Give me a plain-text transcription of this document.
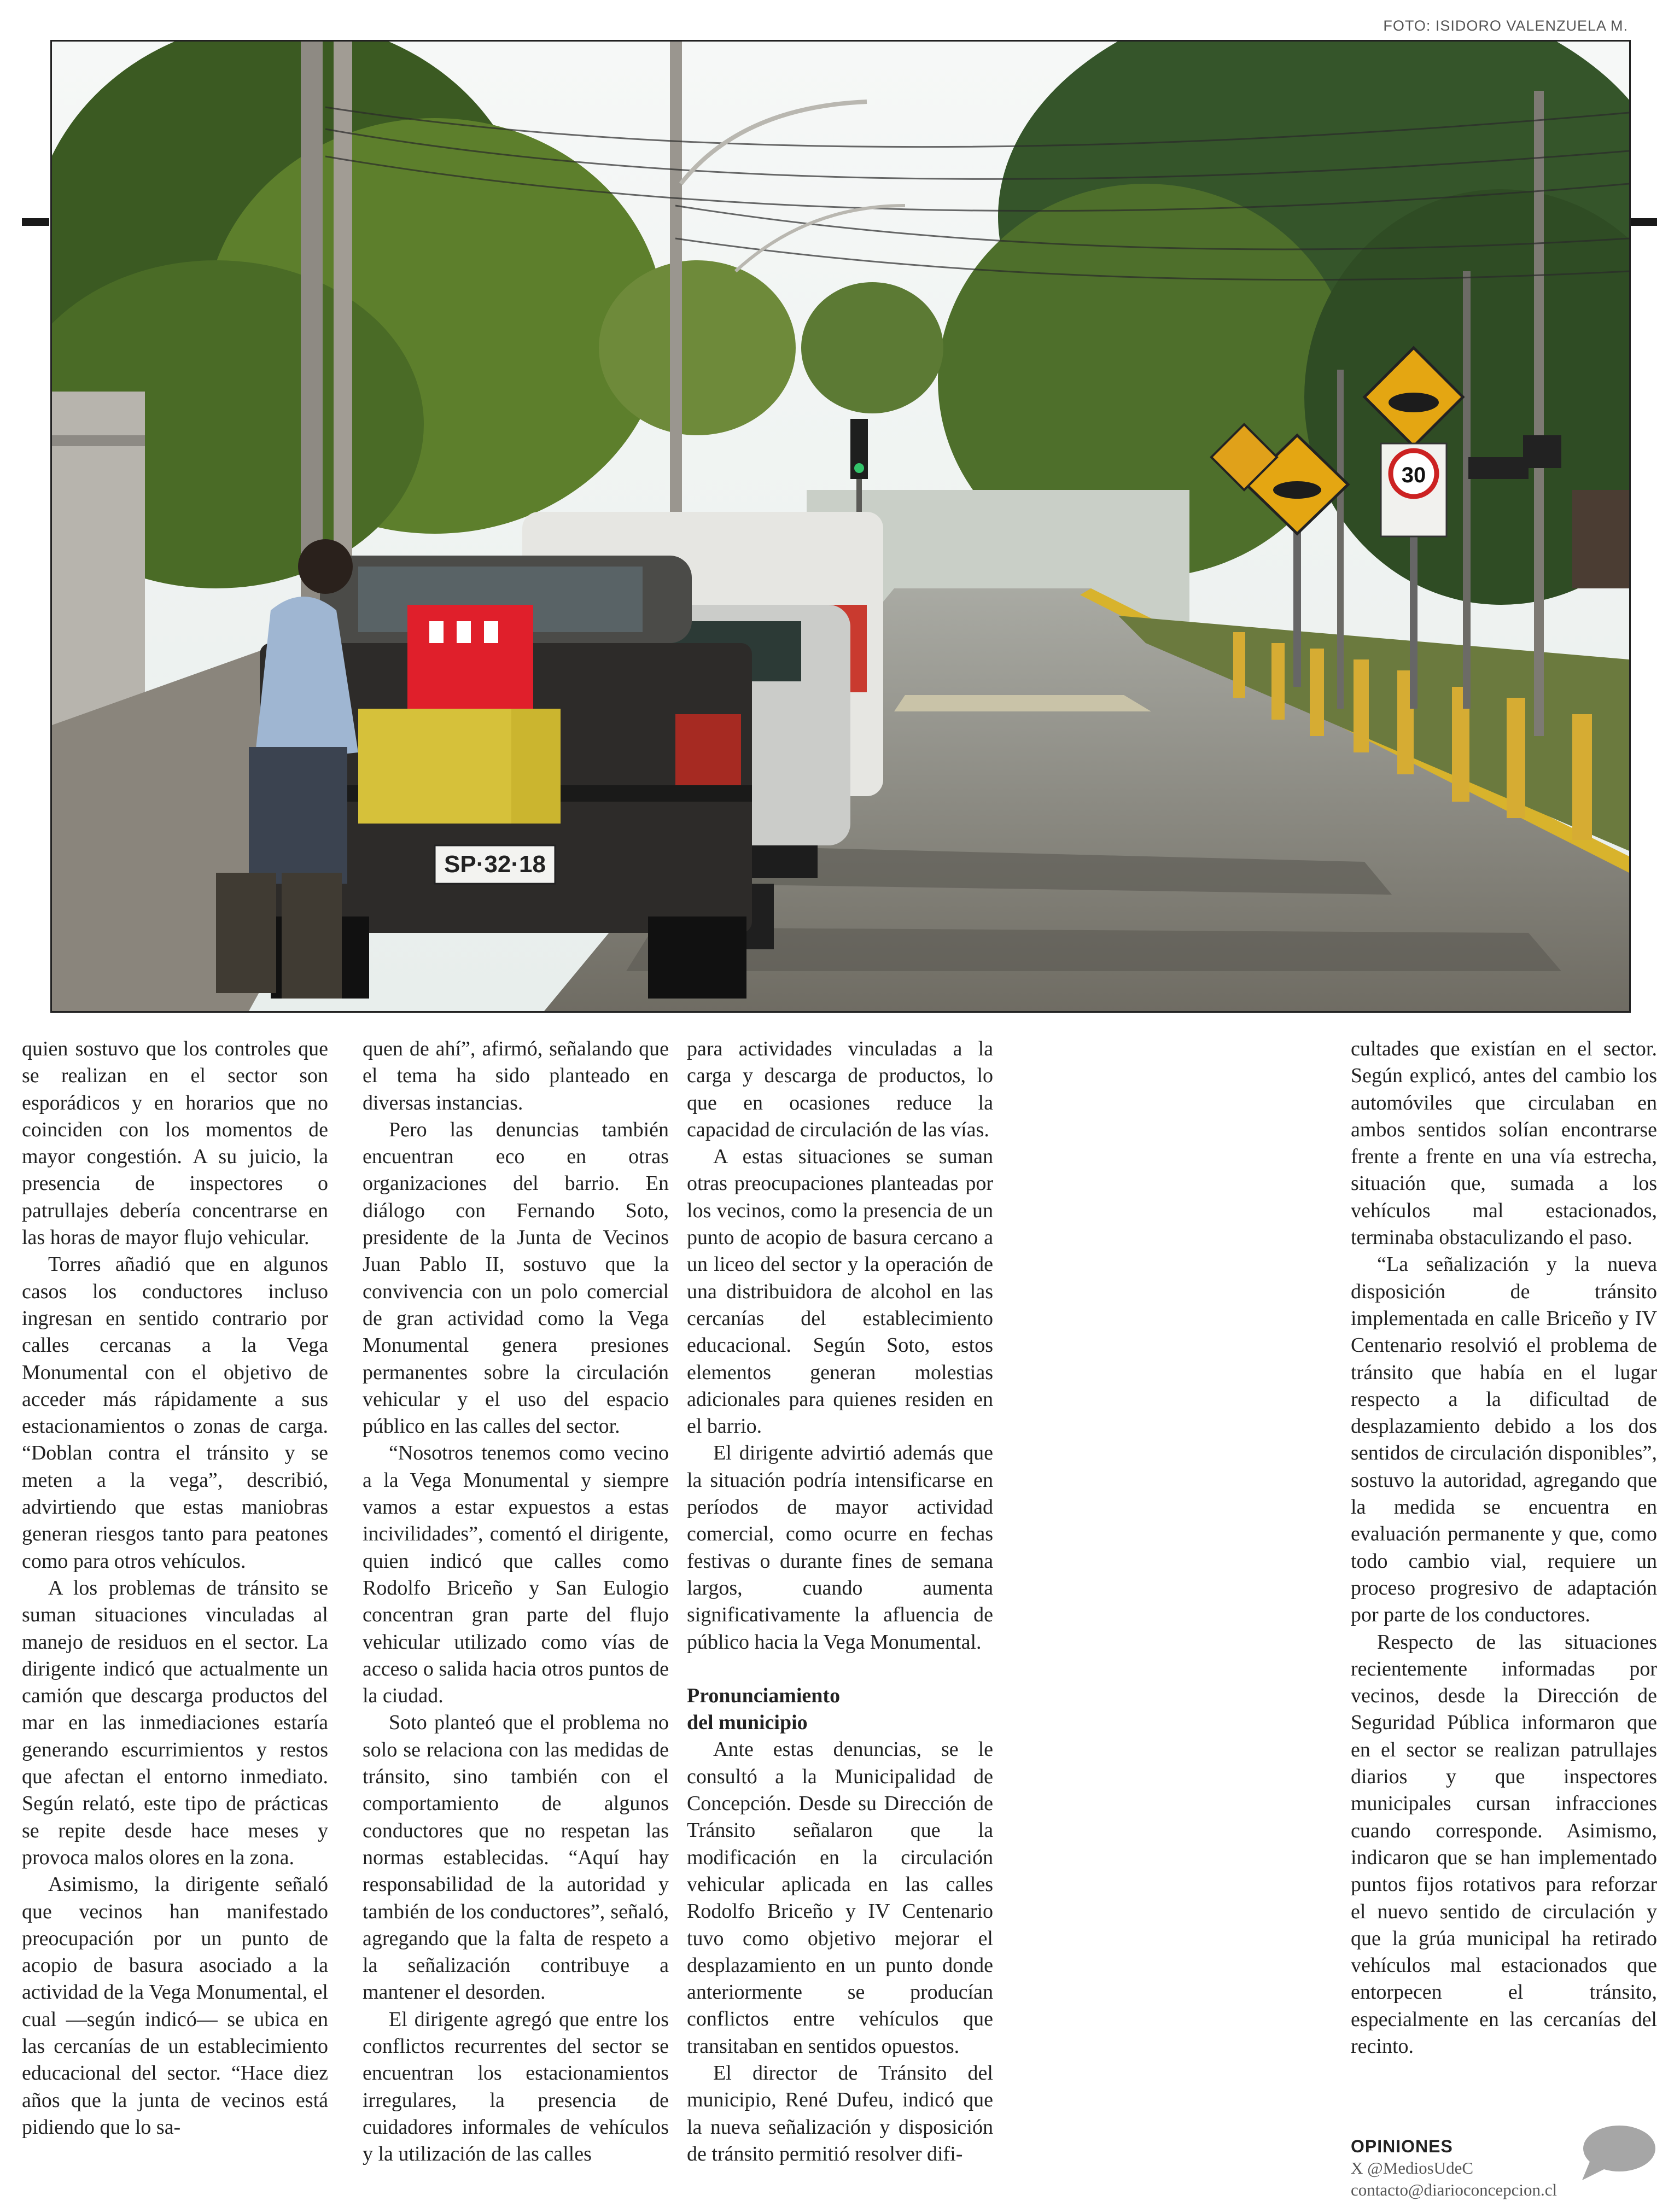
FOTO: ISIDORO VALENZUELA M.
30
SP·32·18

quien sostuvo que los controles que se realizan en el sector son esporádicos y en horarios que no coinciden con los momentos de mayor congestión. A su juicio, la presencia de inspectores o patrullajes debería concentrarse en las horas de mayor flujo vehicular.

Torres añadió que en algunos casos los conductores incluso ingresan en sentido contrario por calles cercanas a la Vega Monumental con el objetivo de acceder más rápidamente a sus estacionamientos o zonas de carga. “Doblan contra el tránsito y se meten a la vega”, describió, advirtiendo que estas maniobras generan riesgos tanto para peatones como para otros vehículos.

A los problemas de tránsito se suman situaciones vinculadas al manejo de residuos en el sector. La dirigente indicó que actualmente un camión que descarga productos del mar en las inmediaciones estaría generando escurrimientos y restos que afectan el entorno inmediato. Según relató, este tipo de prácticas se repite desde hace meses y provoca malos olores en la zona.

Asimismo, la dirigente señaló que vecinos han manifestado preocupación por un punto de acopio de basura asociado a la actividad de la Vega Monumental, el cual —según indicó— se ubica en las cercanías de un establecimiento educacional del sector. “Hace diez años que la junta de vecinos está pidiendo que lo sa-

quen de ahí”, afirmó, señalando que el tema ha sido planteado en diversas instancias.

Pero las denuncias también encuentran eco en otras organizaciones del barrio. En diálogo con Fernando Soto, presidente de la Junta de Vecinos Juan Pablo II, sostuvo que la convivencia con un polo comercial de gran actividad como la Vega Monumental genera presiones permanentes sobre la circulación vehicular y el uso del espacio público en las calles del sector.

“Nosotros tenemos como vecino a la Vega Monumental y siempre vamos a estar expuestos a estas incivilidades”, comentó el dirigente, quien indicó que calles como Rodolfo Briceño y San Eulogio concentran gran parte del flujo vehicular utilizado como vías de acceso o salida hacia otros puntos de la ciudad.

Soto planteó que el problema no solo se relaciona con las medidas de tránsito, sino también con el comportamiento de algunos conductores que no respetan las normas establecidas. “Aquí hay responsabilidad de la autoridad y también de los conductores”, señaló, agregando que la falta de respeto a la señalización contribuye a mantener el desorden.

El dirigente agregó que entre los conflictos recurrentes del sector se encuentran los estacionamientos irregulares, la presencia de cuidadores informales de vehículos y la utilización de las calles

para actividades vinculadas a la carga y descarga de productos, lo que en ocasiones reduce la capacidad de circulación de las vías.

A estas situaciones se suman otras preocupaciones planteadas por los vecinos, como la presencia de un punto de acopio de basura cercano a un liceo del sector y la operación de una distribuidora de alcohol en las cercanías del establecimiento educacional. Según Soto, estos elementos generan molestias adicionales para quienes residen en el barrio.

El dirigente advirtió además que la situación podría intensificarse en períodos de mayor actividad comercial, como ocurre en fechas festivas o durante fines de semana largos, cuando aumenta significativamente la afluencia de público hacia la Vega Monumental.

Pronunciamiento
del municipio

Ante estas denuncias, se le consultó a la Municipalidad de Concepción. Desde su Dirección de Tránsito señalaron que la modificación en la circulación vehicular aplicada en las calles Rodolfo Briceño y IV Centenario tuvo como objetivo mejorar el desplazamiento en un punto donde anteriormente se producían conflictos entre vehículos que transitaban en sentidos opuestos.

El director de Tránsito del municipio, René Dufeu, indicó que la nueva señalización y disposición de tránsito permitió resolver difi-

cultades que existían en el sector. Según explicó, antes del cambio los automóviles que circulaban en ambos sentidos solían encontrarse frente a frente en una vía estrecha, situación que, sumada a los vehículos mal estacionados, terminaba obstaculizando el paso.

“La señalización y la nueva disposición de tránsito implementada en calle Briceño y IV Centenario resolvió el problema de tránsito que había en el lugar respecto a la dificultad de desplazamiento debido a los dos sentidos de circulación disponibles”, sostuvo la autoridad, agregando que la medida se encuentra en evaluación permanente y que, como todo cambio vial, requiere un proceso progresivo de adaptación por parte de los conductores.

Respecto de las situaciones recientemente informadas por vecinos, desde la Dirección de Seguridad Pública informaron que en el sector se realizan patrullajes diarios y que inspectores municipales cursan infracciones cuando corresponde. Asimismo, indicaron que se han implementado puntos fijos rotativos para reforzar el nuevo sentido de circulación y que la grúa municipal ha retirado vehículos mal estacionados que entorpecen el tránsito, especialmente en las cercanías del recinto.

OPINIONES
X @MediosUdeC
contacto@diarioconcepcion.cl
